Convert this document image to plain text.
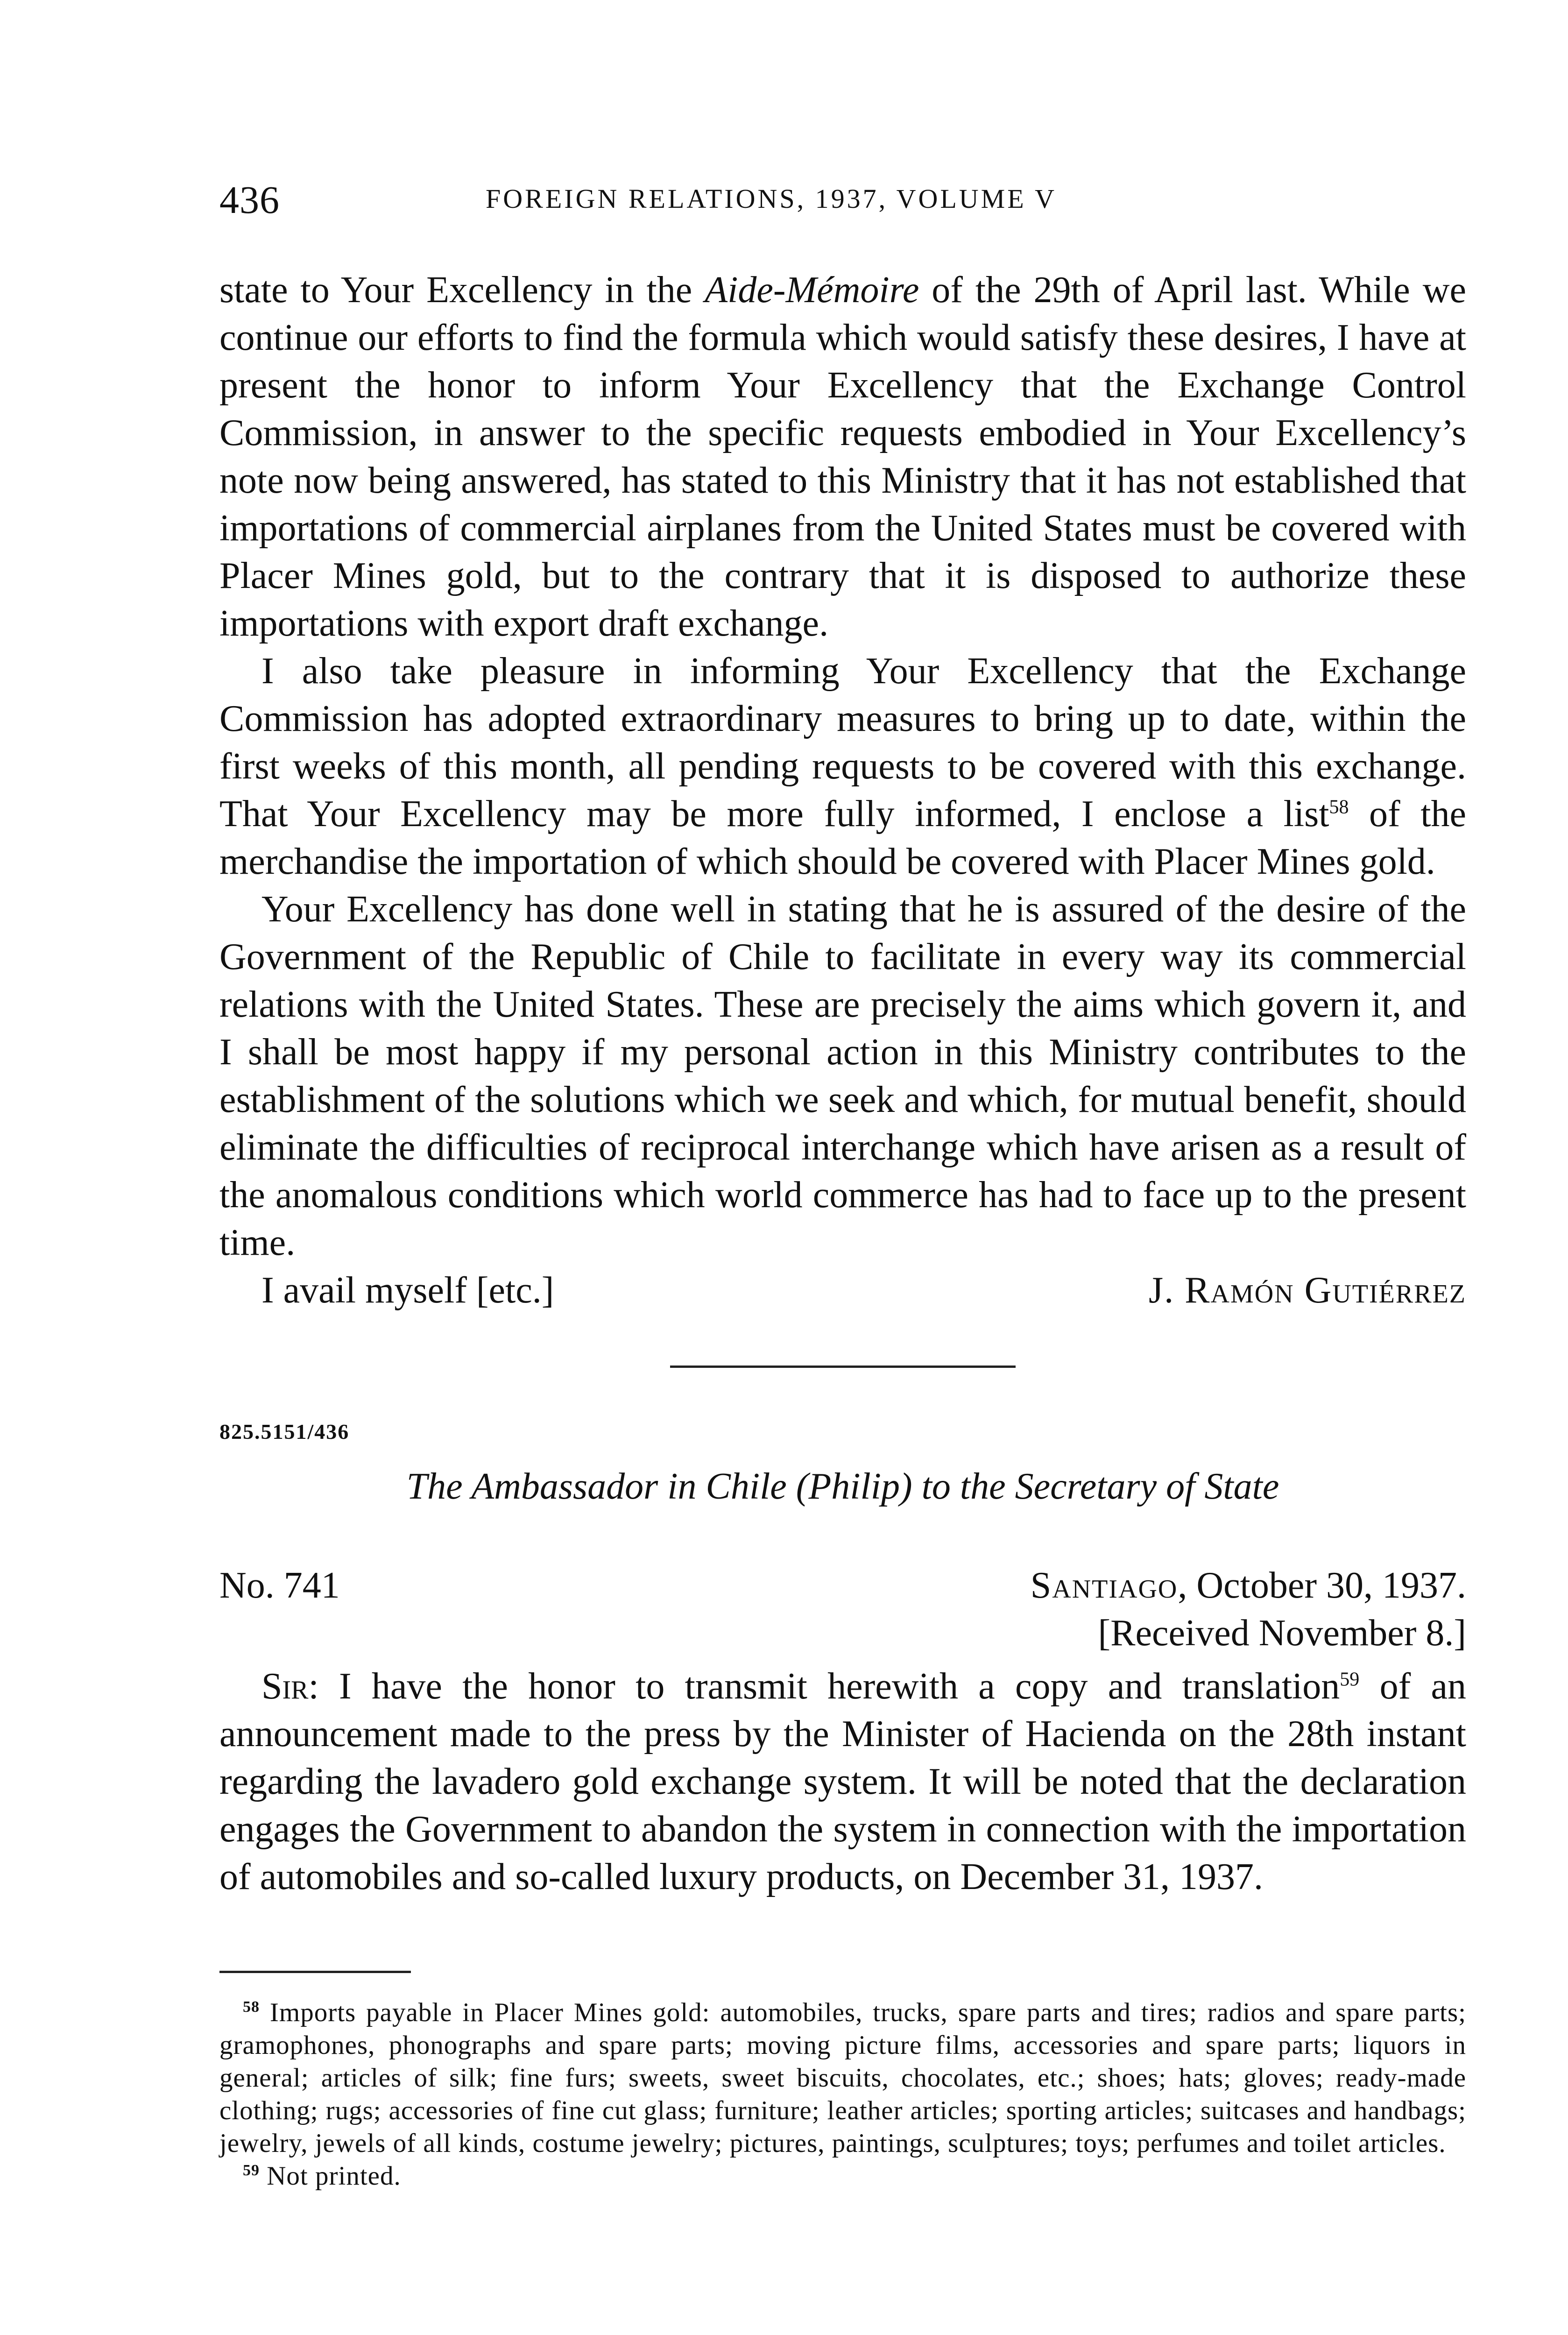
436	FOREIGN RELATIONS, 1937, VOLUME V

state to Your Excellency in the Aide-Mémoire of the 29th of April last. While we continue our efforts to find the formula which would satisfy these desires, I have at present the honor to inform Your Excellency that the Exchange Control Commission, in answer to the specific requests embodied in Your Excellency’s note now being answered, has stated to this Ministry that it has not established that importations of commercial airplanes from the United States must be covered with Placer Mines gold, but to the contrary that it is disposed to authorize these importations with export draft exchange.

I also take pleasure in informing Your Excellency that the Exchange Commission has adopted extraordinary measures to bring up to date, within the first weeks of this month, all pending requests to be covered with this exchange. That Your Excellency may be more fully informed, I enclose a list$^{58}$ of the merchandise the importation of which should be covered with Placer Mines gold.

Your Excellency has done well in stating that he is assured of the desire of the Government of the Republic of Chile to facilitate in every way its commercial relations with the United States. These are precisely the aims which govern it, and I shall be most happy if my personal action in this Ministry contributes to the establishment of the solutions which we seek and which, for mutual benefit, should eliminate the difficulties of reciprocal interchange which have arisen as a result of the anomalous conditions which world commerce has had to face up to the present time.

I avail myself [etc.]	J. Ramón Gutiérrez
825.5151/436
The Ambassador in Chile (Philip) to the Secretary of State
No. 741	Santiago, October 30, 1937.
[Received November 8.]

Sir: I have the honor to transmit herewith a copy and translation$^{59}$ of an announcement made to the press by the Minister of Hacienda on the 28th instant regarding the lavadero gold exchange system. It will be noted that the declaration engages the Government to abandon the system in connection with the importation of automobiles and so-called luxury products, on December 31, 1937.

$^{58}$ Imports payable in Placer Mines gold: automobiles, trucks, spare parts and tires; radios and spare parts; gramophones, phonographs and spare parts; moving picture films, accessories and spare parts; liquors in general; articles of silk; fine furs; sweets, sweet biscuits, chocolates, etc.; shoes; hats; gloves; ready-made clothing; rugs; accessories of fine cut glass; furniture; leather articles; sporting articles; suitcases and handbags; jewelry, jewels of all kinds, costume jewelry; pictures, paintings, sculptures; toys; perfumes and toilet articles.

$^{59}$ Not printed.
